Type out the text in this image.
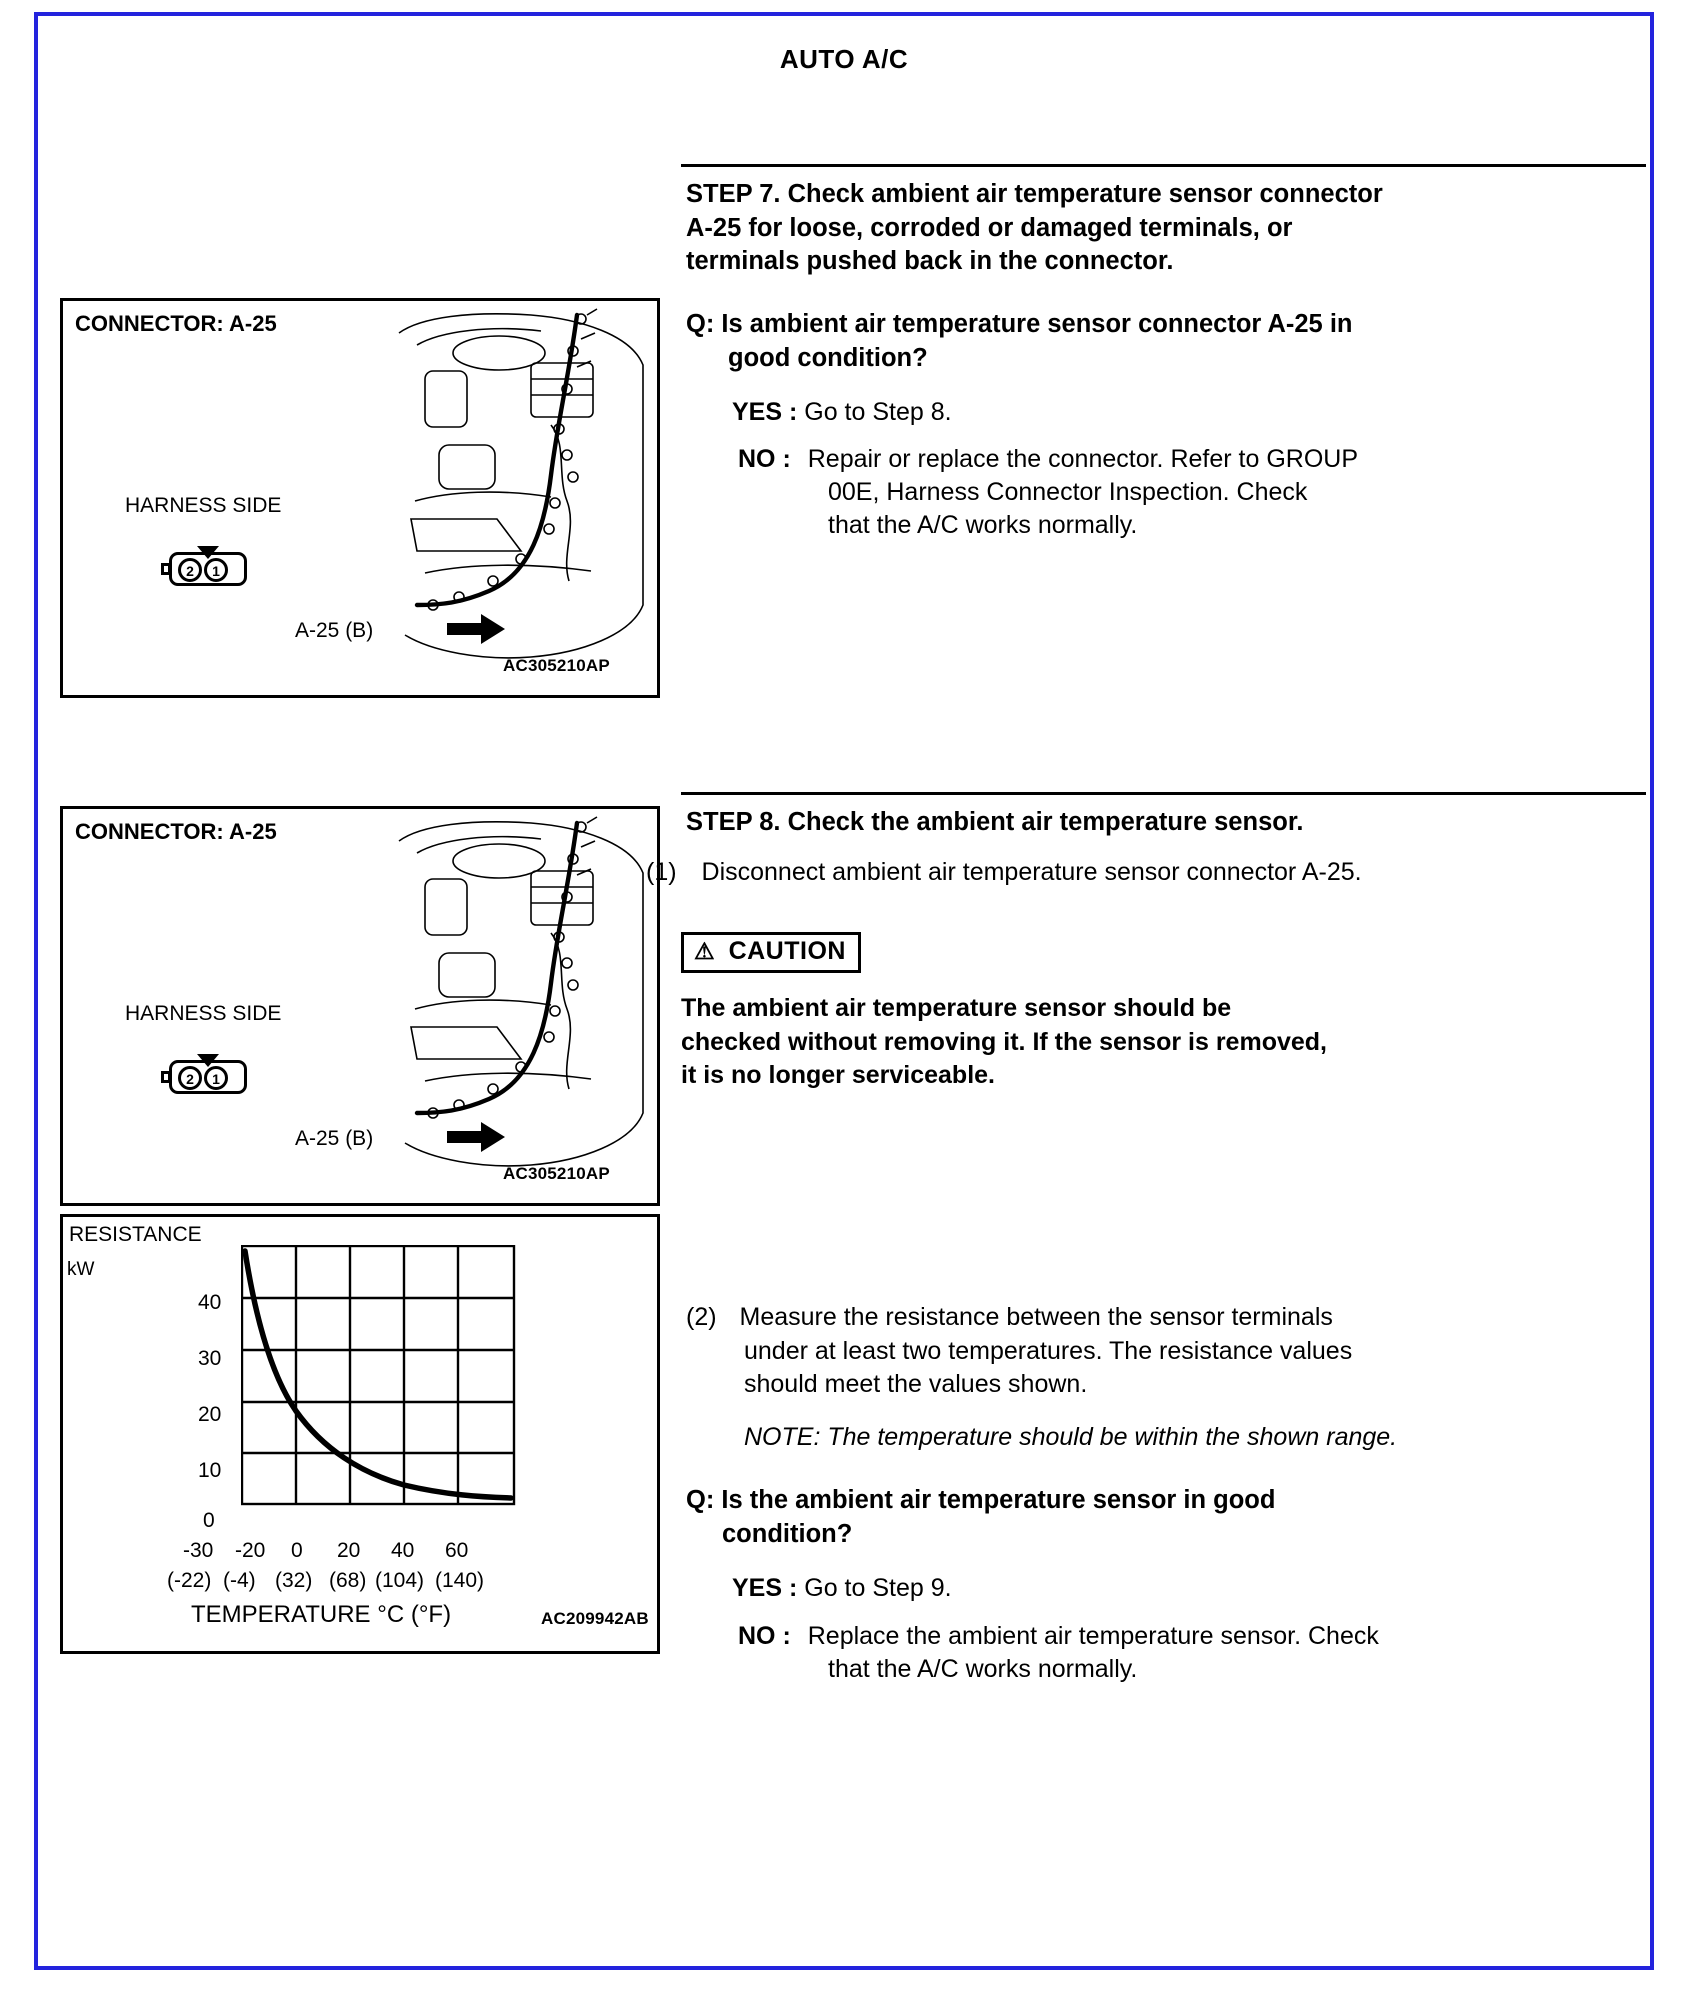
AUTO A/C
CONNECTOR: A-25
HARNESS SIDE
2	1
A-25 (B)
AC305210AP
STEP 7. Check ambient air temperature sensor connector
A-25 for loose, corroded or damaged terminals, or
terminals pushed back in the connector.
Q: Is ambient air temperature sensor connector A-25 in
good condition?
YES : Go to Step 8.
NO : Repair or replace the connector. Refer to GROUP
00E, Harness Connector Inspection. Check
that the A/C works normally.
CONNECTOR: A-25
HARNESS SIDE
2	1
A-25 (B)
AC305210AP
STEP 8. Check the ambient air temperature sensor.
(1) Disconnect ambient air temperature sensor connector A-25.
⚠ CAUTION
The ambient air temperature sensor should be
checked without removing it. If the sensor is removed,
it is no longer serviceable.
RESISTANCE
kW
40
30
20
10
0
-30 -20 0 20 40 60
(-22) (-4) (32) (68) (104) (140)
TEMPERATURE °C (°F)	AC209942AB
(2) Measure the resistance between the sensor terminals
under at least two temperatures. The resistance values
should meet the values shown.
NOTE: The temperature should be within the shown range.
Q: Is the ambient air temperature sensor in good
condition?
YES : Go to Step 9.
NO : Replace the ambient air temperature sensor. Check
that the A/C works normally.
